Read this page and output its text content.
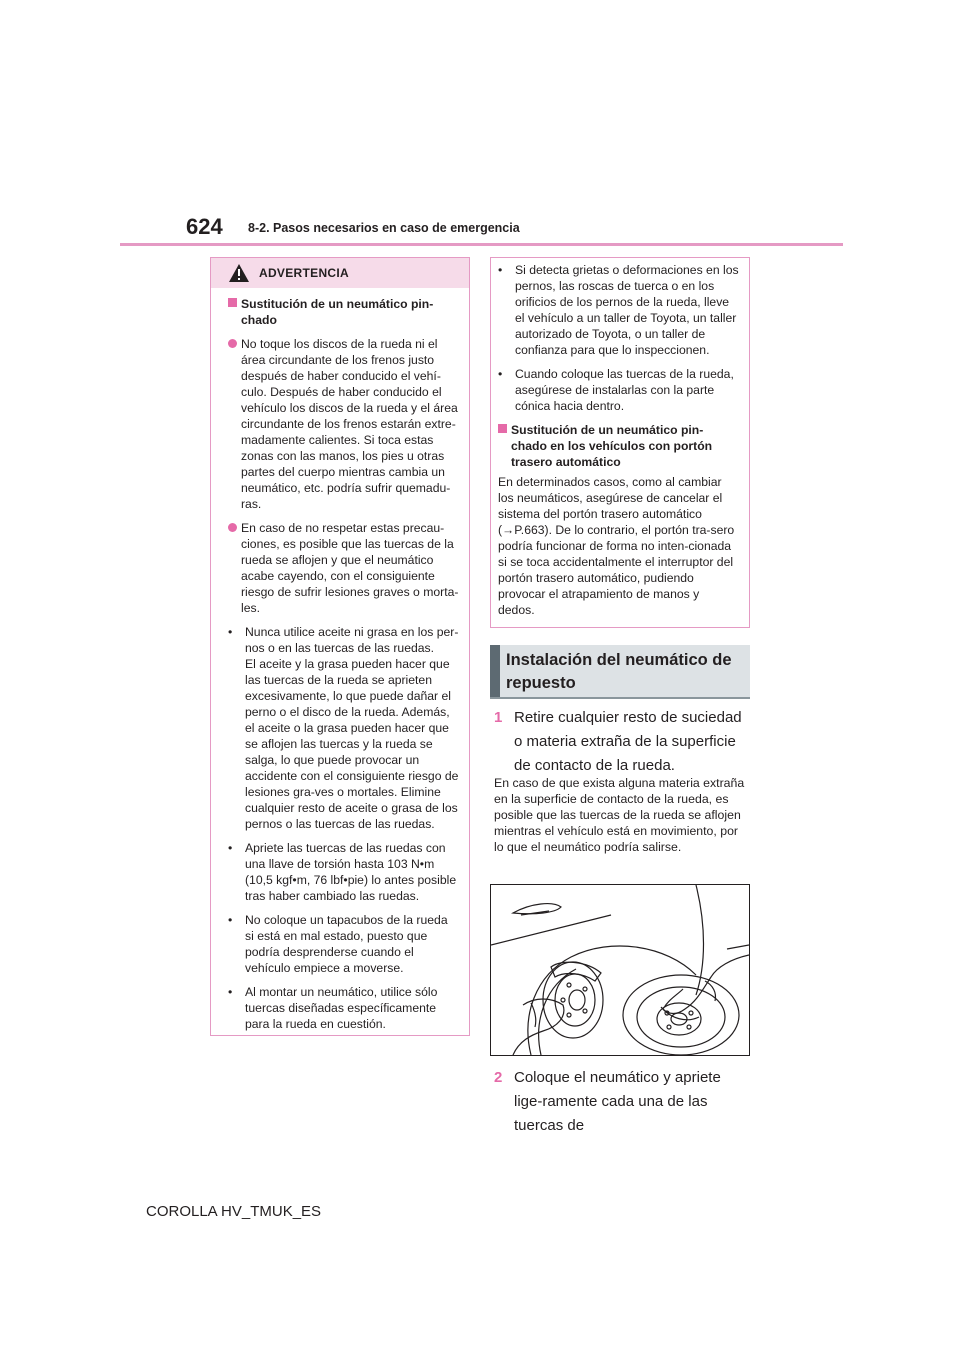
624 8-2. Pasos necesarios en caso de emergencia
ADVERTENCIA

Sustitución de un neumático pin-chado

No toque los discos de la rueda ni el área circundante de los frenos justo después de haber conducido el vehí-culo. Después de haber conducido el vehículo los discos de la rueda y el área circundante de los frenos estarán extre-madamente calientes. Si toca estas zonas con las manos, los pies u otras partes del cuerpo mientras cambia un neumático, etc. podría sufrir quemadu-ras.

En caso de no respetar estas precau-ciones, es posible que las tuercas de la rueda se aflojen y que el neumático acabe cayendo, con el consiguiente riesgo de sufrir lesiones graves o morta-les.

• Nunca utilice aceite ni grasa en los per-nos o en las tuercas de las ruedas.
El aceite y la grasa pueden hacer que las tuercas de la rueda se aprieten excesivamente, lo que puede dañar el perno o el disco de la rueda. Además, el aceite o la grasa pueden hacer que se aflojen las tuercas y la rueda se salga, lo que puede provocar un accidente con el consiguiente riesgo de lesiones gra-ves o mortales. Elimine cualquier resto de aceite o grasa de los pernos o las tuercas de las ruedas.

• Apriete las tuercas de las ruedas con una llave de torsión hasta 103 N•m (10,5 kgf•m, 76 lbf•pie) lo antes posible tras haber cambiado las ruedas.

• No coloque un tapacubos de la rueda si está en mal estado, puesto que podría desprenderse cuando el vehículo empiece a moverse.

• Al montar un neumático, utilice sólo tuercas diseñadas específicamente para la rueda en cuestión.

• Si detecta grietas o deformaciones en los pernos, las roscas de tuerca o en los orificios de los pernos de la rueda, lleve el vehículo a un taller de Toyota, un taller autorizado de Toyota, o un taller de confianza para que lo inspeccionen.

• Cuando coloque las tuercas de la rueda, asegúrese de instalarlas con la parte cónica hacia dentro.

Sustitución de un neumático pin-chado en los vehículos con portón trasero automático

En determinados casos, como al cambiar los neumáticos, asegúrese de cancelar el sistema del portón trasero automático (→P.663). De lo contrario, el portón tra-sero podría funcionar de forma no inten-cionada si se toca accidentalmente el interruptor del portón trasero automático, pudiendo provocar el atrapamiento de manos y dedos.

Instalación del neumático de repuesto
1 Retire cualquier resto de suciedad o materia extraña de la superficie de contacto de la rueda.
En caso de que exista alguna materia extraña en la superficie de contacto de la rueda, es posible que las tuercas de la rueda se aflojen mientras el vehículo está en movimiento, por lo que el neumático podría salirse.
2 Coloque el neumático y apriete lige-ramente cada una de las tuercas de
COROLLA HV_TMUK_ES
